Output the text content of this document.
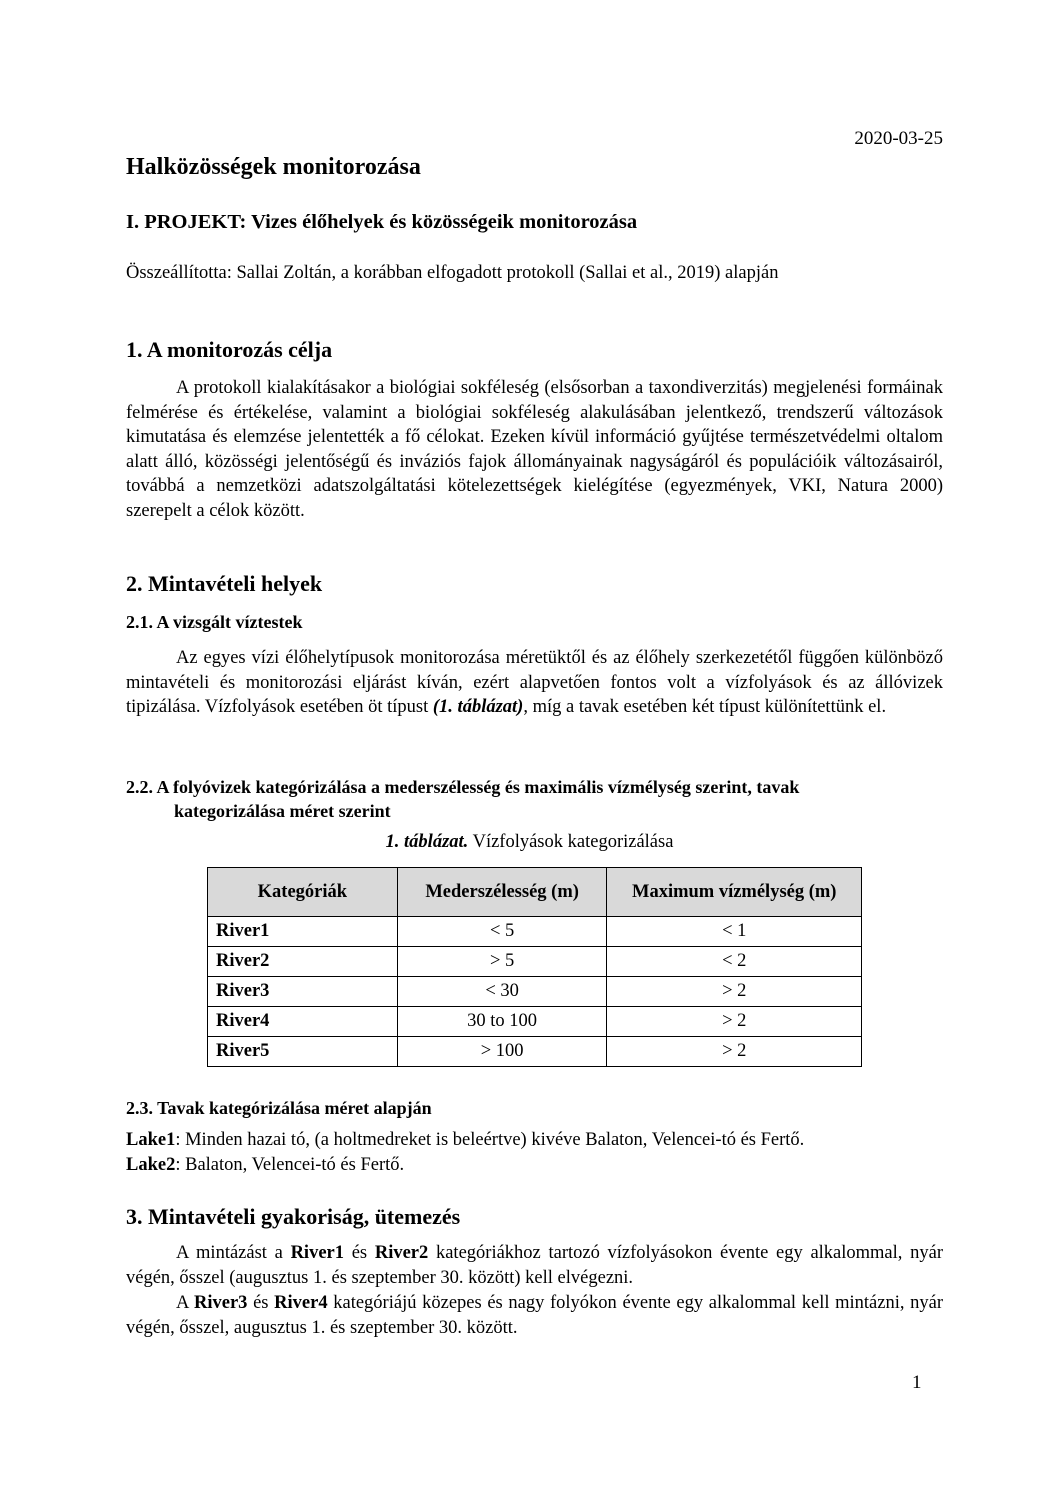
2020-03-25
Halközösségek monitorozása
I. PROJEKT: Vizes élőhelyek és közösségeik monitorozása
Összeállította: Sallai Zoltán, a korábban elfogadott protokoll (Sallai et al., 2019) alapján
1. A monitorozás célja

A protokoll kialakításakor a biológiai sokféleség (elsősorban a taxondiverzitás) megjelenési formáinak felmérése és értékelése, valamint a biológiai sokféleség alakulásában jelentkező, trendszerű változások kimutatása és elemzése jelentették a fő célokat. Ezeken kívül információ gyűjtése természetvédelmi oltalom alatt álló, közösségi jelentőségű és inváziós fajok állományainak nagyságáról és populációik változásairól, továbbá a nemzetközi adatszolgáltatási kötelezettségek kielégítése (egyezmények, VKI, Natura 2000) szerepelt a célok között.

2. Mintavételi helyek
2.1. A vizsgált víztestek

Az egyes vízi élőhelytípusok monitorozása méretüktől és az élőhely szerkezetétől függően különböző mintavételi és monitorozási eljárást kíván, ezért alapvetően fontos volt a vízfolyások és az állóvizek tipizálása. Vízfolyások esetében öt típust (1. táblázat), míg a tavak esetében két típust különítettünk el.

2.2. A folyóvizek kategórizálása a mederszélesség és maximális vízmélység szerint, tavak
kategorizálása méret szerint
1. táblázat. Vízfolyások kategorizálása
Kategóriák	Mederszélesség (m)	Maximum vízmélység (m)
River1	< 5	< 1
River2	> 5	< 2
River3	< 30	> 2
River4	30 to 100	> 2
River5	> 100	> 2
2.3. Tavak kategórizálása méret alapján
Lake1: Minden hazai tó, (a holtmedreket is beleértve) kivéve Balaton, Velencei-tó és Fertő.
Lake2: Balaton, Velencei-tó és Fertő.
3. Mintavételi gyakoriság, ütemezés

A mintázást a River1 és River2 kategóriákhoz tartozó vízfolyásokon évente egy alkalommal, nyár végén, ősszel (augusztus 1. és szeptember 30. között) kell elvégezni.

A River3 és River4 kategóriájú közepes és nagy folyókon évente egy alkalommal kell mintázni, nyár végén, ősszel, augusztus 1. és szeptember 30. között.

1
